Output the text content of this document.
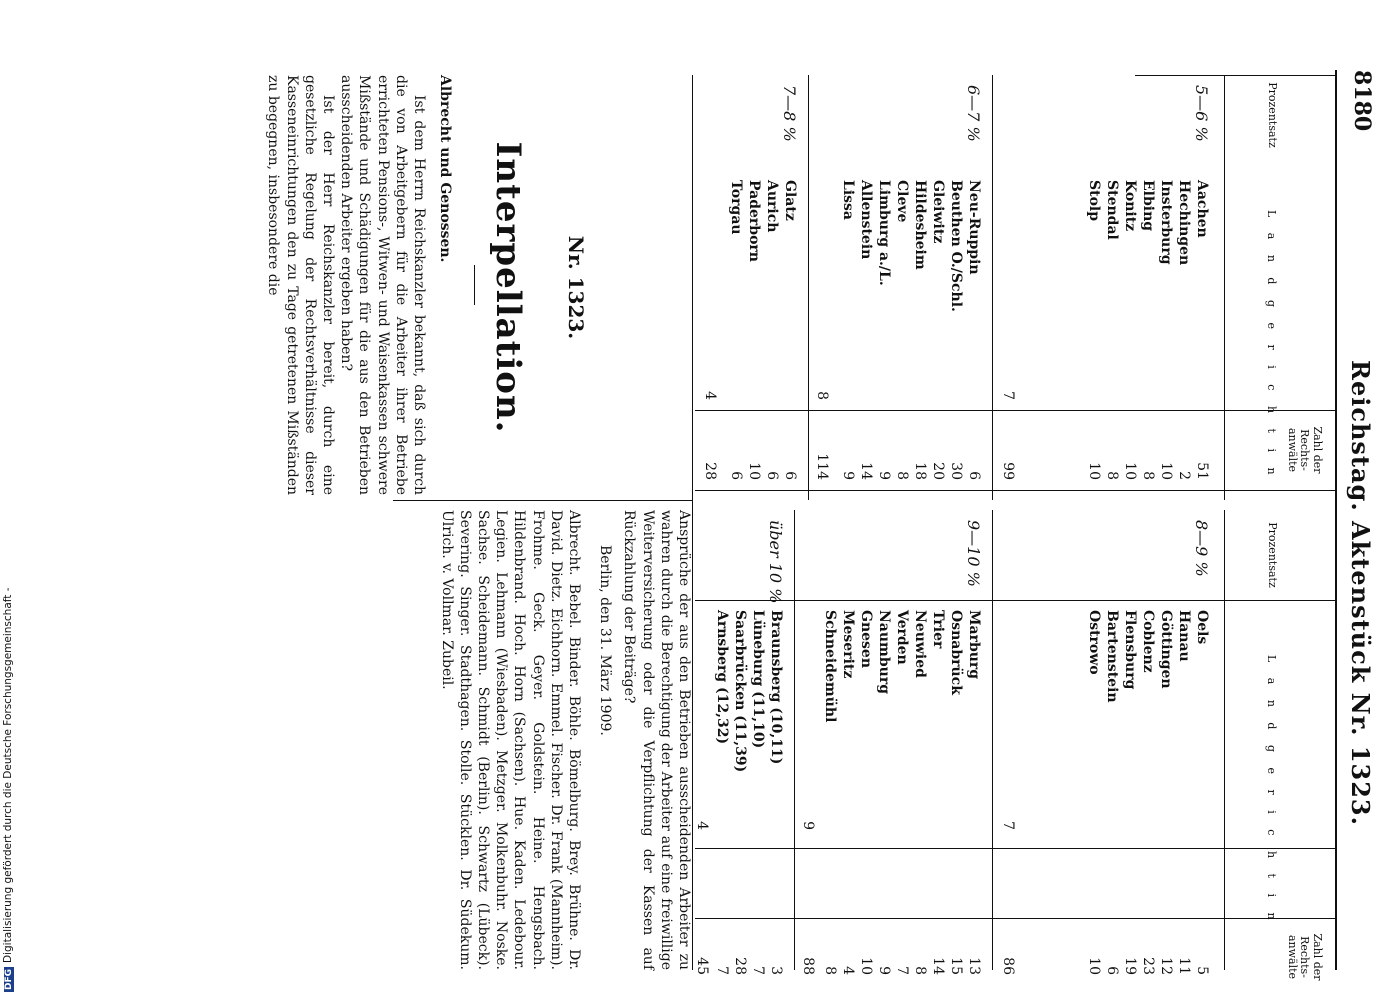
8180
Reichstag. Aktenstück Nr. 1323.
Prozentsatz
L a n d g e r i c h t i n	Zahl der Rechts-anwälte
5—6 %
Aachen
Hechingen
Insterburg
Elbing
Konitz
Stendal
Stolp
51
2
10
8
10
8
10
7
99
6—7 %
Neu-Ruppin
Beuthen O./Schl.
Gleiwitz
Hildesheim
Cleve
Limburg a./L.
Allenstein
Lissa
6
30
20
18
8
9
14
9
8
114
7—8 %
Glatz
Aurich
Paderborn
Torgau
6
6
10
6
4
28
Prozentsatz
L a n d g e r i c h t i n
Zahl der Rechts-anwälte
8—9 %
Oels
Hanau
Göttingen
Coblenz
Flensburg
Bartenstein
Ostrowo
5
11
12
23
19
6
10
7
86
9—10 %
Marburg
Osnabrück
Trier
Neuwied
Verden
Naumburg
Gnesen
Meseritz
Schneidemühl
13
15
14
8
7
9
10
4
8
9
88
über 10 %
Braunsberg (10,11)
Lüneburg (11,10)
Saarbrücken (11,39)
Arnsberg (12,32)
3
7
28
7
4
45
Nr. 1323.
Interpellation.
Albrecht und Genossen.
Ist dem Herrn Reichskanzler bekannt, daß sich durch die von Arbeitgebern für die Arbeiter ihrer Betriebe errichteten Pensions-, Witwen- und Waisenkassen schwere Mißstände und Schädigungen für die aus den Betrieben ausscheidenden Arbeiter ergeben haben?
Ist der Herr Reichskanzler bereit, durch eine gesetzliche Regelung der Rechtsverhältnisse dieser Kasseneinrichtungen den zu Tage getretenen Mißständen zu begegnen, insbesondere die
Ansprüche der aus den Betrieben ausscheidenden Arbeiter zu wahren durch die Berechtigung der Arbeiter auf eine freiwillige Weiterversicherung oder die Verpflichtung der Kassen auf Rückzahlung der Beiträge?
Berlin, den 31. März 1909.
Albrecht. Bebel. Binder. Böhle. Bömelburg. Brey. Brühne. Dr. David. Dietz. Eichhorn. Emmel. Fischer. Dr. Frank (Mannheim). Frohme. Geck. Geyer. Goldstein. Heine. Hengsbach. Hildenbrand. Hoch. Horn (Sachsen). Hue. Kaden. Ledebour. Legien. Lehmann (Wiesbaden). Metzger. Molkenbuhr. Noske. Sachse. Scheidemann. Schmidt (Berlin). Schwartz (Lübeck). Severing. Singer. Stadthagen. Stolle. Stücklen. Dr. Südekum. Ulrich. v. Vollmar. Zubeil.
DFGDigitalisierung gefördert durch die Deutsche Forschungsgemeinschaft -
